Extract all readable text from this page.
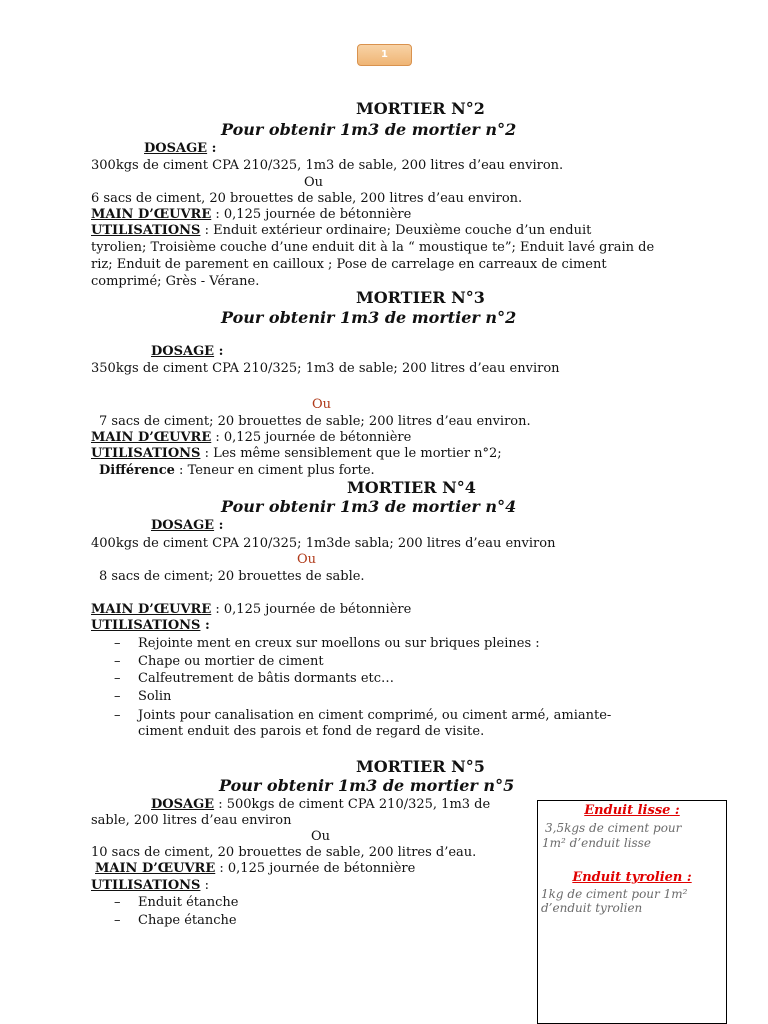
1
MORTIER N°2
Pour obtenir 1m3 de mortier n°2
DOSAGE :
300kgs de ciment CPA 210/325, 1m3 de sable, 200 litres d’eau environ.
Ou
6 sacs de ciment, 20 brouettes de sable, 200 litres d’eau environ.
MAIN D’ŒUVRE : 0,125 journée de bétonnière
UTILISATIONS : Enduit extérieur ordinaire; Deuxième couche d’un enduit
tyrolien; Troisième couche d’une enduit dit à la “ moustique te”; Enduit lavé grain de
riz; Enduit de parement en cailloux ; Pose de carrelage en carreaux de ciment
comprimé; Grès - Vérane.
MORTIER N°3
Pour obtenir 1m3 de mortier n°2
DOSAGE :
350kgs de ciment CPA 210/325; 1m3 de sable; 200 litres d’eau environ
Ou
7 sacs de ciment; 20 brouettes de sable; 200 litres d’eau environ.
MAIN D’ŒUVRE : 0,125 journée de bétonnière
UTILISATIONS : Les même sensiblement que le mortier n°2;
Différence : Teneur en ciment plus forte.
MORTIER N°4
Pour obtenir 1m3 de mortier n°4
DOSAGE :
400kgs de ciment CPA 210/325; 1m3de sabla; 200 litres d’eau environ
Ou
8 sacs de ciment; 20 brouettes de sable.
MAIN D’ŒUVRE : 0,125 journée de bétonnière
UTILISATIONS :
– Rejointe ment en creux sur moellons ou sur briques pleines :
– Chape ou mortier de ciment
– Calfeutrement de bâtis dormants etc…
– Solin
– Joints pour canalisation en ciment comprimé, ou ciment armé, amiante-
ciment enduit des parois et fond de regard de visite.
MORTIER N°5
Pour obtenir 1m3 de mortier n°5
DOSAGE : 500kgs de ciment CPA 210/325, 1m3 de
sable, 200 litres d’eau environ
Ou
10 sacs de ciment, 20 brouettes de sable, 200 litres d’eau.
MAIN D’ŒUVRE : 0,125 journée de bétonnière
UTILISATIONS :
– Enduit étanche
– Chape étanche
Enduit lisse :
3,5kgs de ciment pour
1m² d’enduit lisse
Enduit tyrolien :
1kg de ciment pour 1m²
d’enduit tyrolien
